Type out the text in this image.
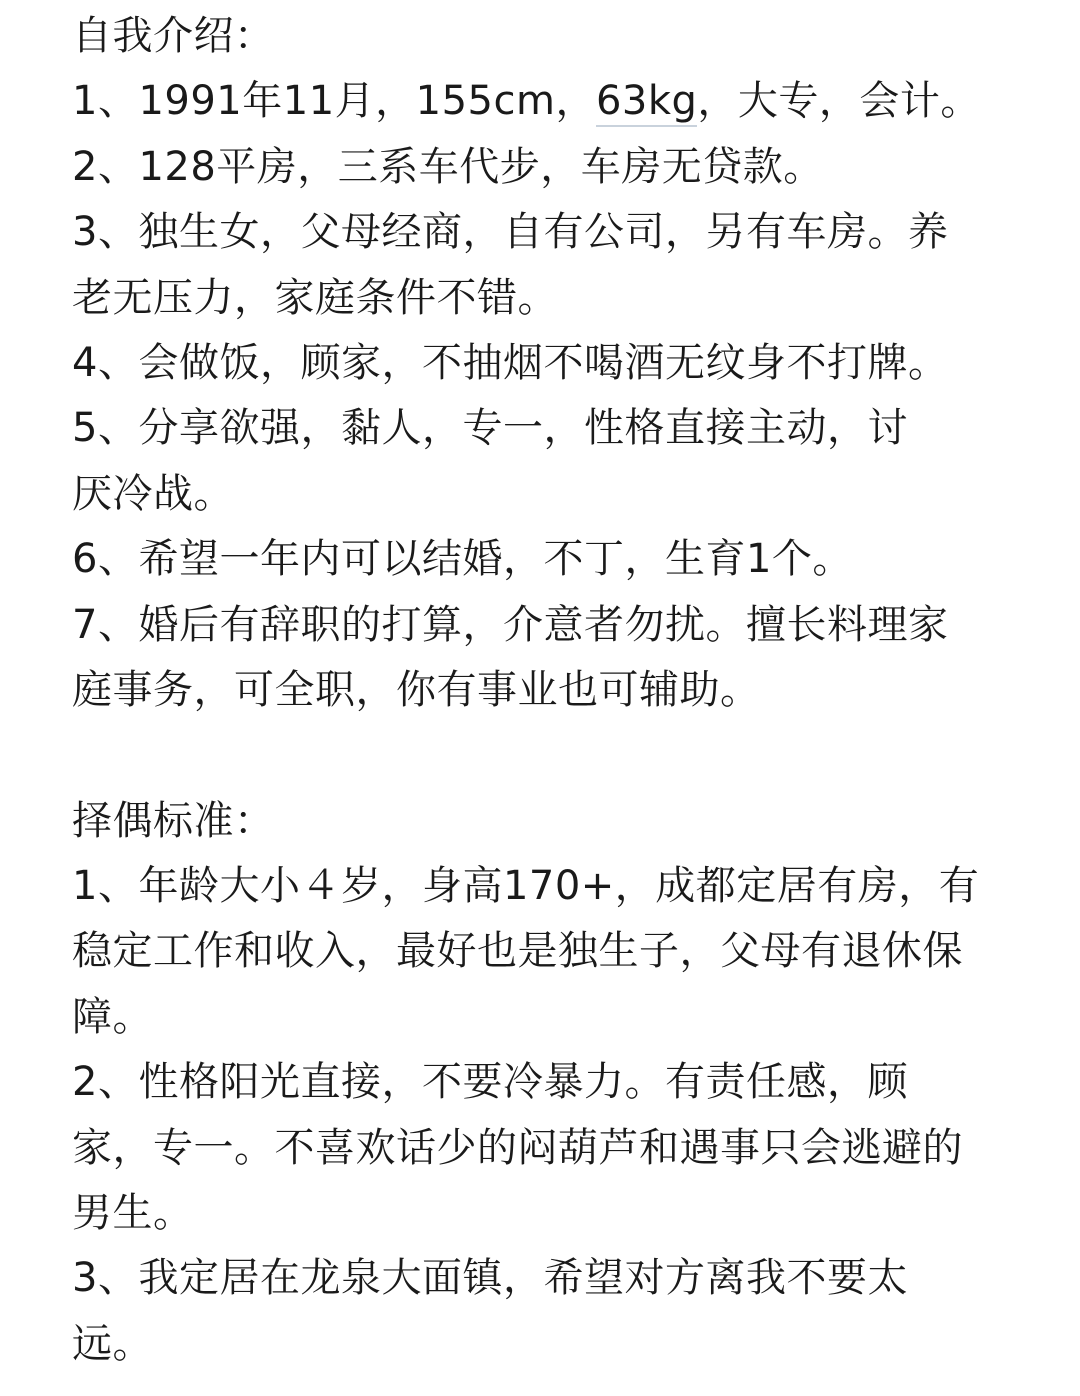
自我介绍：
1、1991年11月，155cm，63kg，大专，会计。
2、128平房，三系车代步，车房无贷款。
3、独生女，父母经商，自有公司，另有车房。养
老无压力，家庭条件不错。
4、会做饭，顾家，不抽烟不喝酒无纹身不打牌。
5、分享欲强，黏人，专一，性格直接主动，讨
厌冷战。
6、希望一年内可以结婚，不丁，生育1个。
7、婚后有辞职的打算，介意者勿扰。擅长料理家
庭事务，可全职，你有事业也可辅助。
择偶标准：
1、年龄大小４岁，身高170+，成都定居有房，有
稳定工作和收入，最好也是独生子，父母有退休保
障。
2、性格阳光直接，不要冷暴力。有责任感，顾
家，专一。不喜欢话少的闷葫芦和遇事只会逃避的
男生。
3、我定居在龙泉大面镇，希望对方离我不要太
远。
